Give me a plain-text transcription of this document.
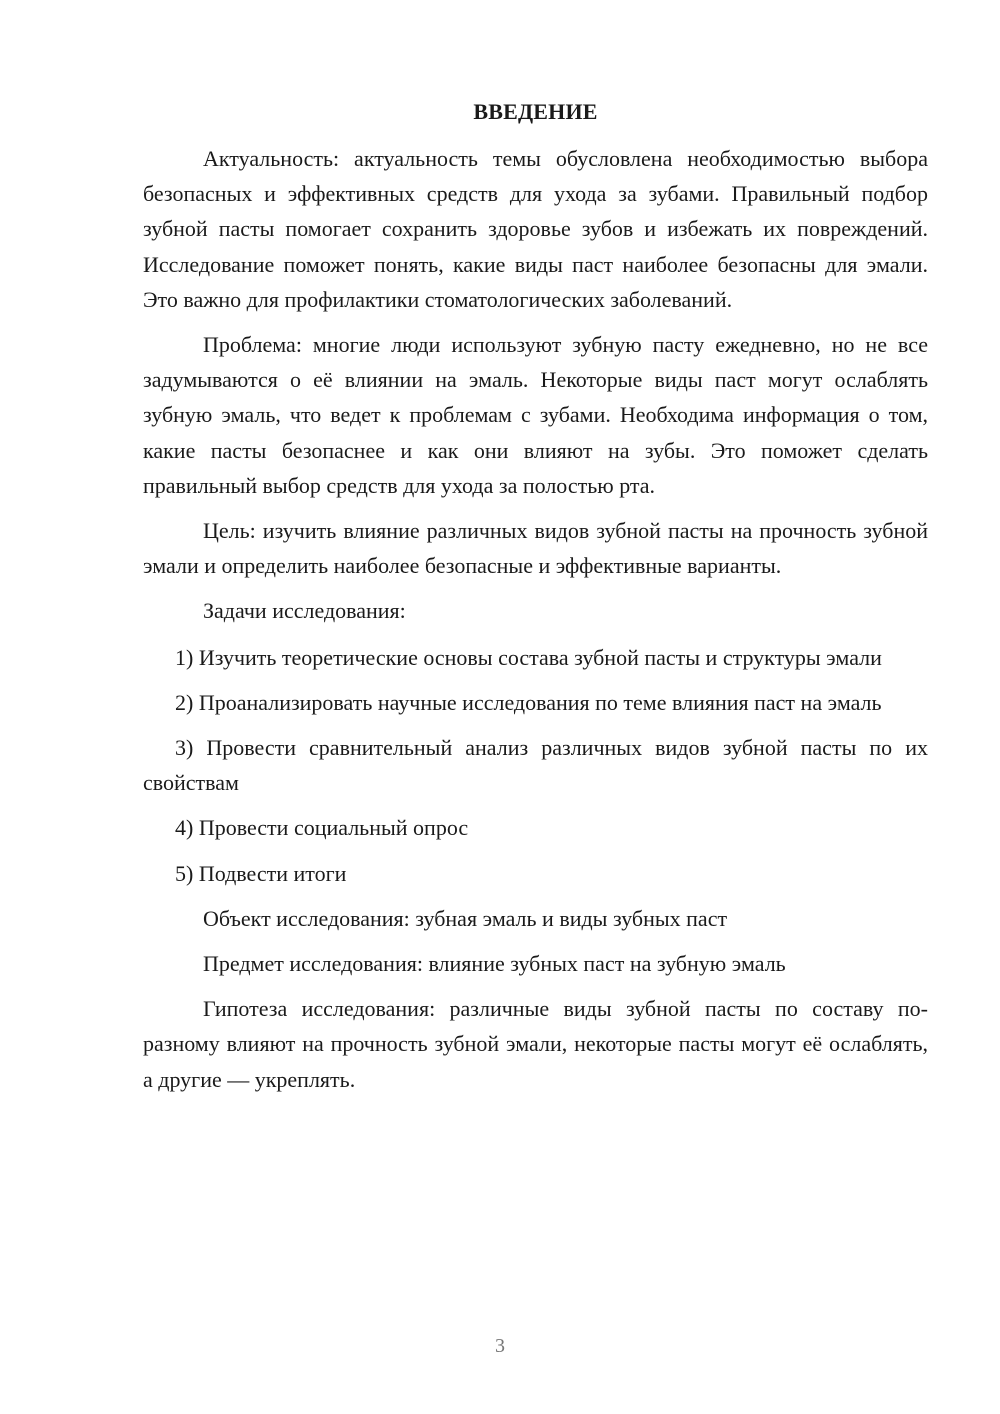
ВВЕДЕНИЕ

Актуальность: актуальность темы обусловлена необходимостью выбора безопасных и эффективных средств для ухода за зубами. Правильный подбор зубной пасты помогает сохранить здоровье зубов и избежать их повреждений. Исследование поможет понять, какие виды паст наиболее безопасны для эмали. Это важно для профилактики стоматологических заболеваний.

Проблема: многие люди используют зубную пасту ежедневно, но не все задумываются о её влиянии на эмаль. Некоторые виды паст могут ослаблять зубную эмаль, что ведет к проблемам с зубами. Необходима информация о том, какие пасты безопаснее и как они влияют на зубы. Это поможет сделать правильный выбор средств для ухода за полостью рта.

Цель: изучить влияние различных видов зубной пасты на прочность зубной эмали и определить наиболее безопасные и эффективные варианты.

Задачи исследования:

1) Изучить теоретические основы состава зубной пасты и структуры эмали

2) Проанализировать научные исследования по теме влияния паст на эмаль

3) Провести сравнительный анализ различных видов зубной пасты по их свойствам

4) Провести социальный опрос

5) Подвести итоги

Объект исследования: зубная эмаль и виды зубных паст

Предмет исследования: влияние зубных паст на зубную эмаль

Гипотеза исследования: различные виды зубной пасты по составу по-разному влияют на прочность зубной эмали, некоторые пасты могут её ослаблять, а другие — укреплять.

3
